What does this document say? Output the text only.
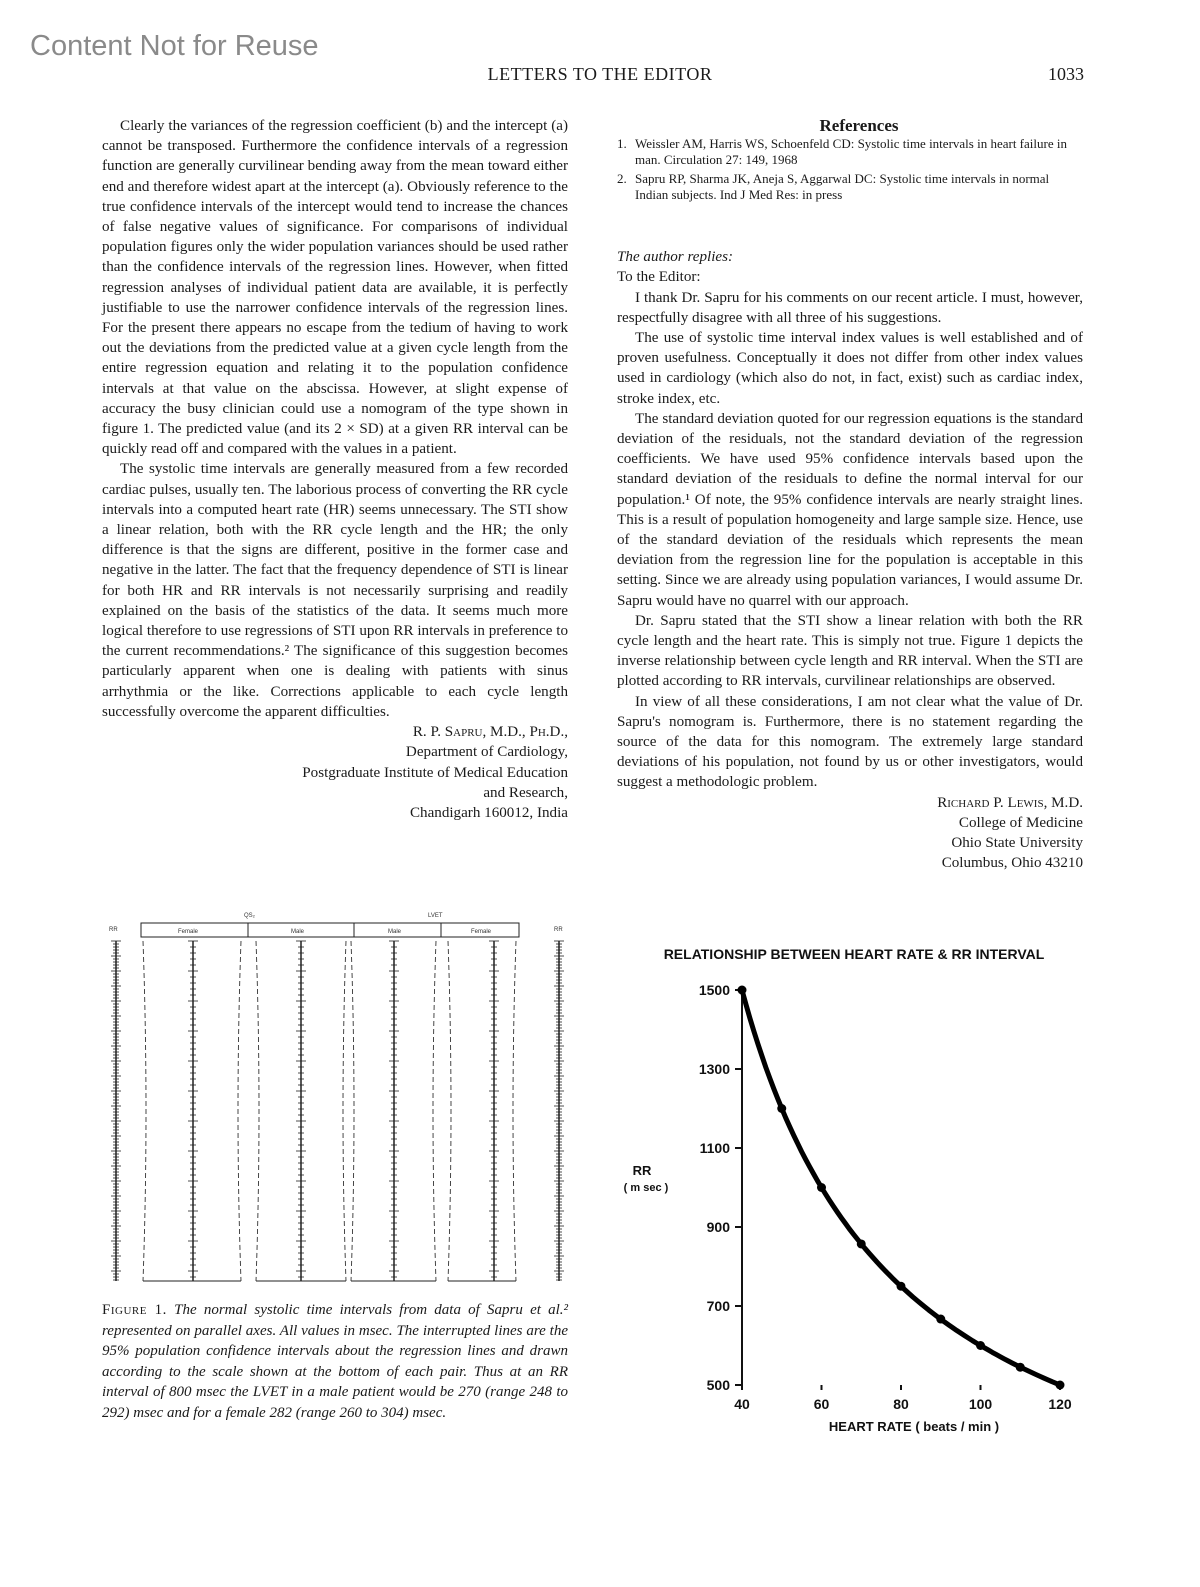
Content Not for Reuse
LETTERS TO THE EDITOR	1033

Clearly the variances of the regression coefficient (b) and the intercept (a) cannot be transposed. Furthermore the confidence intervals of a regression function are generally curvilinear bending away from the mean toward either end and therefore widest apart at the intercept (a). Obviously reference to the true confidence intervals of the intercept would tend to increase the chances of false negative values of significance. For comparisons of individual population figures only the wider population variances should be used rather than the confidence intervals of the regression lines. However, when fitted regression analyses of individual patient data are available, it is perfectly justifiable to use the narrower confidence intervals of the regression lines. For the present there appears no escape from the tedium of having to work out the deviations from the predicted value at a given cycle length from the entire regression equation and relating it to the population confidence intervals at that value on the abscissa. However, at slight expense of accuracy the busy clinician could use a nomogram of the type shown in figure 1. The predicted value (and its 2 × SD) at a given RR interval can be quickly read off and compared with the values in a patient.

The systolic time intervals are generally measured from a few recorded cardiac pulses, usually ten. The laborious process of converting the RR cycle intervals into a computed heart rate (HR) seems unnecessary. The STI show a linear relation, both with the RR cycle length and the HR; the only difference is that the signs are different, positive in the former case and negative in the latter. The fact that the frequency dependence of STI is linear for both HR and RR intervals is not necessarily surprising and readily explained on the basis of the statistics of the data. It seems much more logical therefore to use regressions of STI upon RR intervals in preference to the current recommendations.² The significance of this suggestion becomes particularly apparent when one is dealing with patients with sinus arrhythmia or the like. Corrections applicable to each cycle length successfully overcome the apparent difficulties.

R. P. Sapru, M.D., Ph.D.,

Department of Cardiology,

Postgraduate Institute of Medical Education

and Research,

Chandigarh 160012, India

References

1. Weissler AM, Harris WS, Schoenfeld CD: Systolic time intervals in heart failure in man. Circulation 27: 149, 1968
2. Sapru RP, Sharma JK, Aneja S, Aggarwal DC: Systolic time intervals in normal Indian subjects. Ind J Med Res: in press

The author replies:

To the Editor:

I thank Dr. Sapru for his comments on our recent article. I must, however, respectfully disagree with all three of his suggestions.

The use of systolic time interval index values is well established and of proven usefulness. Conceptually it does not differ from other index values used in cardiology (which also do not, in fact, exist) such as cardiac index, stroke index, etc.

The standard deviation quoted for our regression equations is the standard deviation of the residuals, not the standard deviation of the regression coefficients. We have used 95% confidence intervals based upon the standard deviation of the residuals to define the normal interval for our population.¹ Of note, the 95% confidence intervals are nearly straight lines. This is a result of population homogeneity and large sample size. Hence, use of the standard deviation of the residuals which represents the mean deviation from the regression line for the population is acceptable in this setting. Since we are already using population variances, I would assume Dr. Sapru would have no quarrel with our approach.

Dr. Sapru stated that the STI show a linear relation with both the RR cycle length and the heart rate. This is simply not true. Figure 1 depicts the inverse relationship between cycle length and RR interval. When the STI are plotted according to RR intervals, curvilinear relationships are observed.

In view of all these considerations, I am not clear what the value of Dr. Sapru's nomogram is. Furthermore, there is no statement regarding the source of the data for this nomogram. The extremely large standard deviations of his population, not found by us or other investigators, would suggest a methodologic problem.

Richard P. Lewis, M.D.

College of Medicine

Ohio State University

Columbus, Ohio 43210

QS₂	LVET
Female	Male	Male	Female
RR	RR
Figure 1. The normal systolic time intervals from data of Sapru et al.² represented on parallel axes. All values in msec. The interrupted lines are the 95% population confidence intervals about the regression lines and drawn according to the scale shown at the bottom of each pair. Thus at an RR interval of 800 msec the LVET in a male patient would be 270 (range 248 to 292) msec and for a female 282 (range 260 to 304) msec.
RELATIONSHIP BETWEEN HEART RATE & RR INTERVAL
RR
( m sec )
HEART RATE ( beats / min )
500
700
900
1100
1300
1500
40	60	80	100	120
